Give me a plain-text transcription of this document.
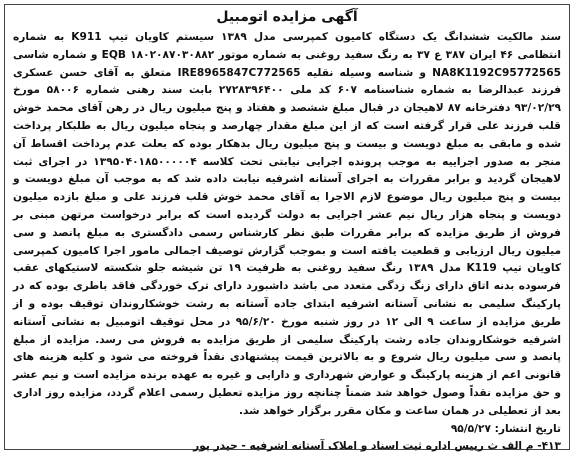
آگهی مزایده اتومبیل

سند مالکیت ششدانگ یک دستگاه کامیون کمپرسی مدل ۱۳۸۹ سیستم کاویان تیپ K911 به شماره انتظامی ۴۶ ایران ۳۸۷ ع ۳۷ به رنگ سفید روغنی به شماره موتور EQB ۱۸۰۲۰۸۷۰۳۰۸۸۲ و شماره شاسی NA8K1192C95772565 و شناسه وسیله نقلیه IRE8965847C772565 متعلق به آقای حسن عسکری فرزند عبدالرضا به شماره شناسنامه ۶۰۷ کد ملی ۲۷۲۸۳۹۶۴۰۰ بابت سند رهنی شماره ۵۸۰۰۶ مورخ ۹۳/۰۲/۲۹ دفترخانه ۸۷ لاهیجان در قبال مبلغ ششصد و هفتاد و پنج میلیون ریال در رهن آقای محمد خوش قلب فرزند علی قرار گرفته است که از این مبلغ مقدار چهارصد و پنجاه میلیون ریال به طلبکار پرداخت شده و مابقی به مبلغ دویست و بیست و پنج میلیون ریال بدهکار بوده که بعلت عدم پرداخت اقساط آن منجر به صدور اجراییه به موجب پرونده اجرایی نیابتی تحت کلاسه ۱۳۹۵۰۴۰۱۸۵۰۰۰۰۰۴ در اجرای ثبت لاهیجان گردید و برابر مقررات به اجرای آستانه اشرفیه نیابت داده شد که به موجب آن مبلغ دویست و بیست و پنج میلیون ریال موضوع لازم الاجرا به آقای محمد خوش قلب فرزند علی و مبلغ بازده میلیون دویست و پنجاه هزار ریال نیم عشر اجرایی به دولت گردیده است که برابر درخواست مرتهن مبنی بر فروش از طریق مزایده که برابر مقررات طبق نظر کارشناس رسمی دادگستری به مبلغ پانصد و سی میلیون ریال ارزیابی و قطعیت یافته است و بموجب گزارش توصیف اجمالی مامور اجرا کامیون کمپرسی کاویان تیپ K119 مدل ۱۳۸۹ رنگ سفید روغنی به ظرفیت ۱۹ تن شیشه جلو شکسته لاستیکهای عقب فرسوده بدنه اتاق دارای زنگ زدگی متعدد می باشد داشبورد دارای ترک خوردگی فاقد باطری بوده که در پارکینگ سلیمی به نشانی آستانه اشرفیه ابتدای جاده آستانه به رشت خوشکاروندان توقیف بوده و از طریق مزایده از ساعت ۹ الی ۱۲ در روز شنبه مورخ ۹۵/۶/۲۰ در محل توقیف اتومبیل به نشانی آستانه اشرفیه خوشکاروندان جاده رشت پارکینگ سلیمی از طریق مزایده به فروش می رسد. مزایده از مبلغ پانصد و سی میلیون ریال شروع و به بالاترین قیمت پیشنهادی نقداً فروخته می شود و کلیه هزینه های قانونی اعم از هزینه پارکینگ و عوارض شهرداری و دارایی و غیره به عهده برنده مزایده است و نیم عشر و حق مزایده نقداً وصول خواهد شد ضمناً چنانچه روز مزایده تعطیل رسمی اعلام گردد، مزایده روز اداری بعد از تعطیلی در همان ساعت و مکان مقرر برگزار خواهد شد.

تاریخ انتشار: ۹۵/۵/۲۷

۴۱۳- م الف ث رییس اداره ثبت اسناد و املاک آستانه اشرفیه - حیدر پور
